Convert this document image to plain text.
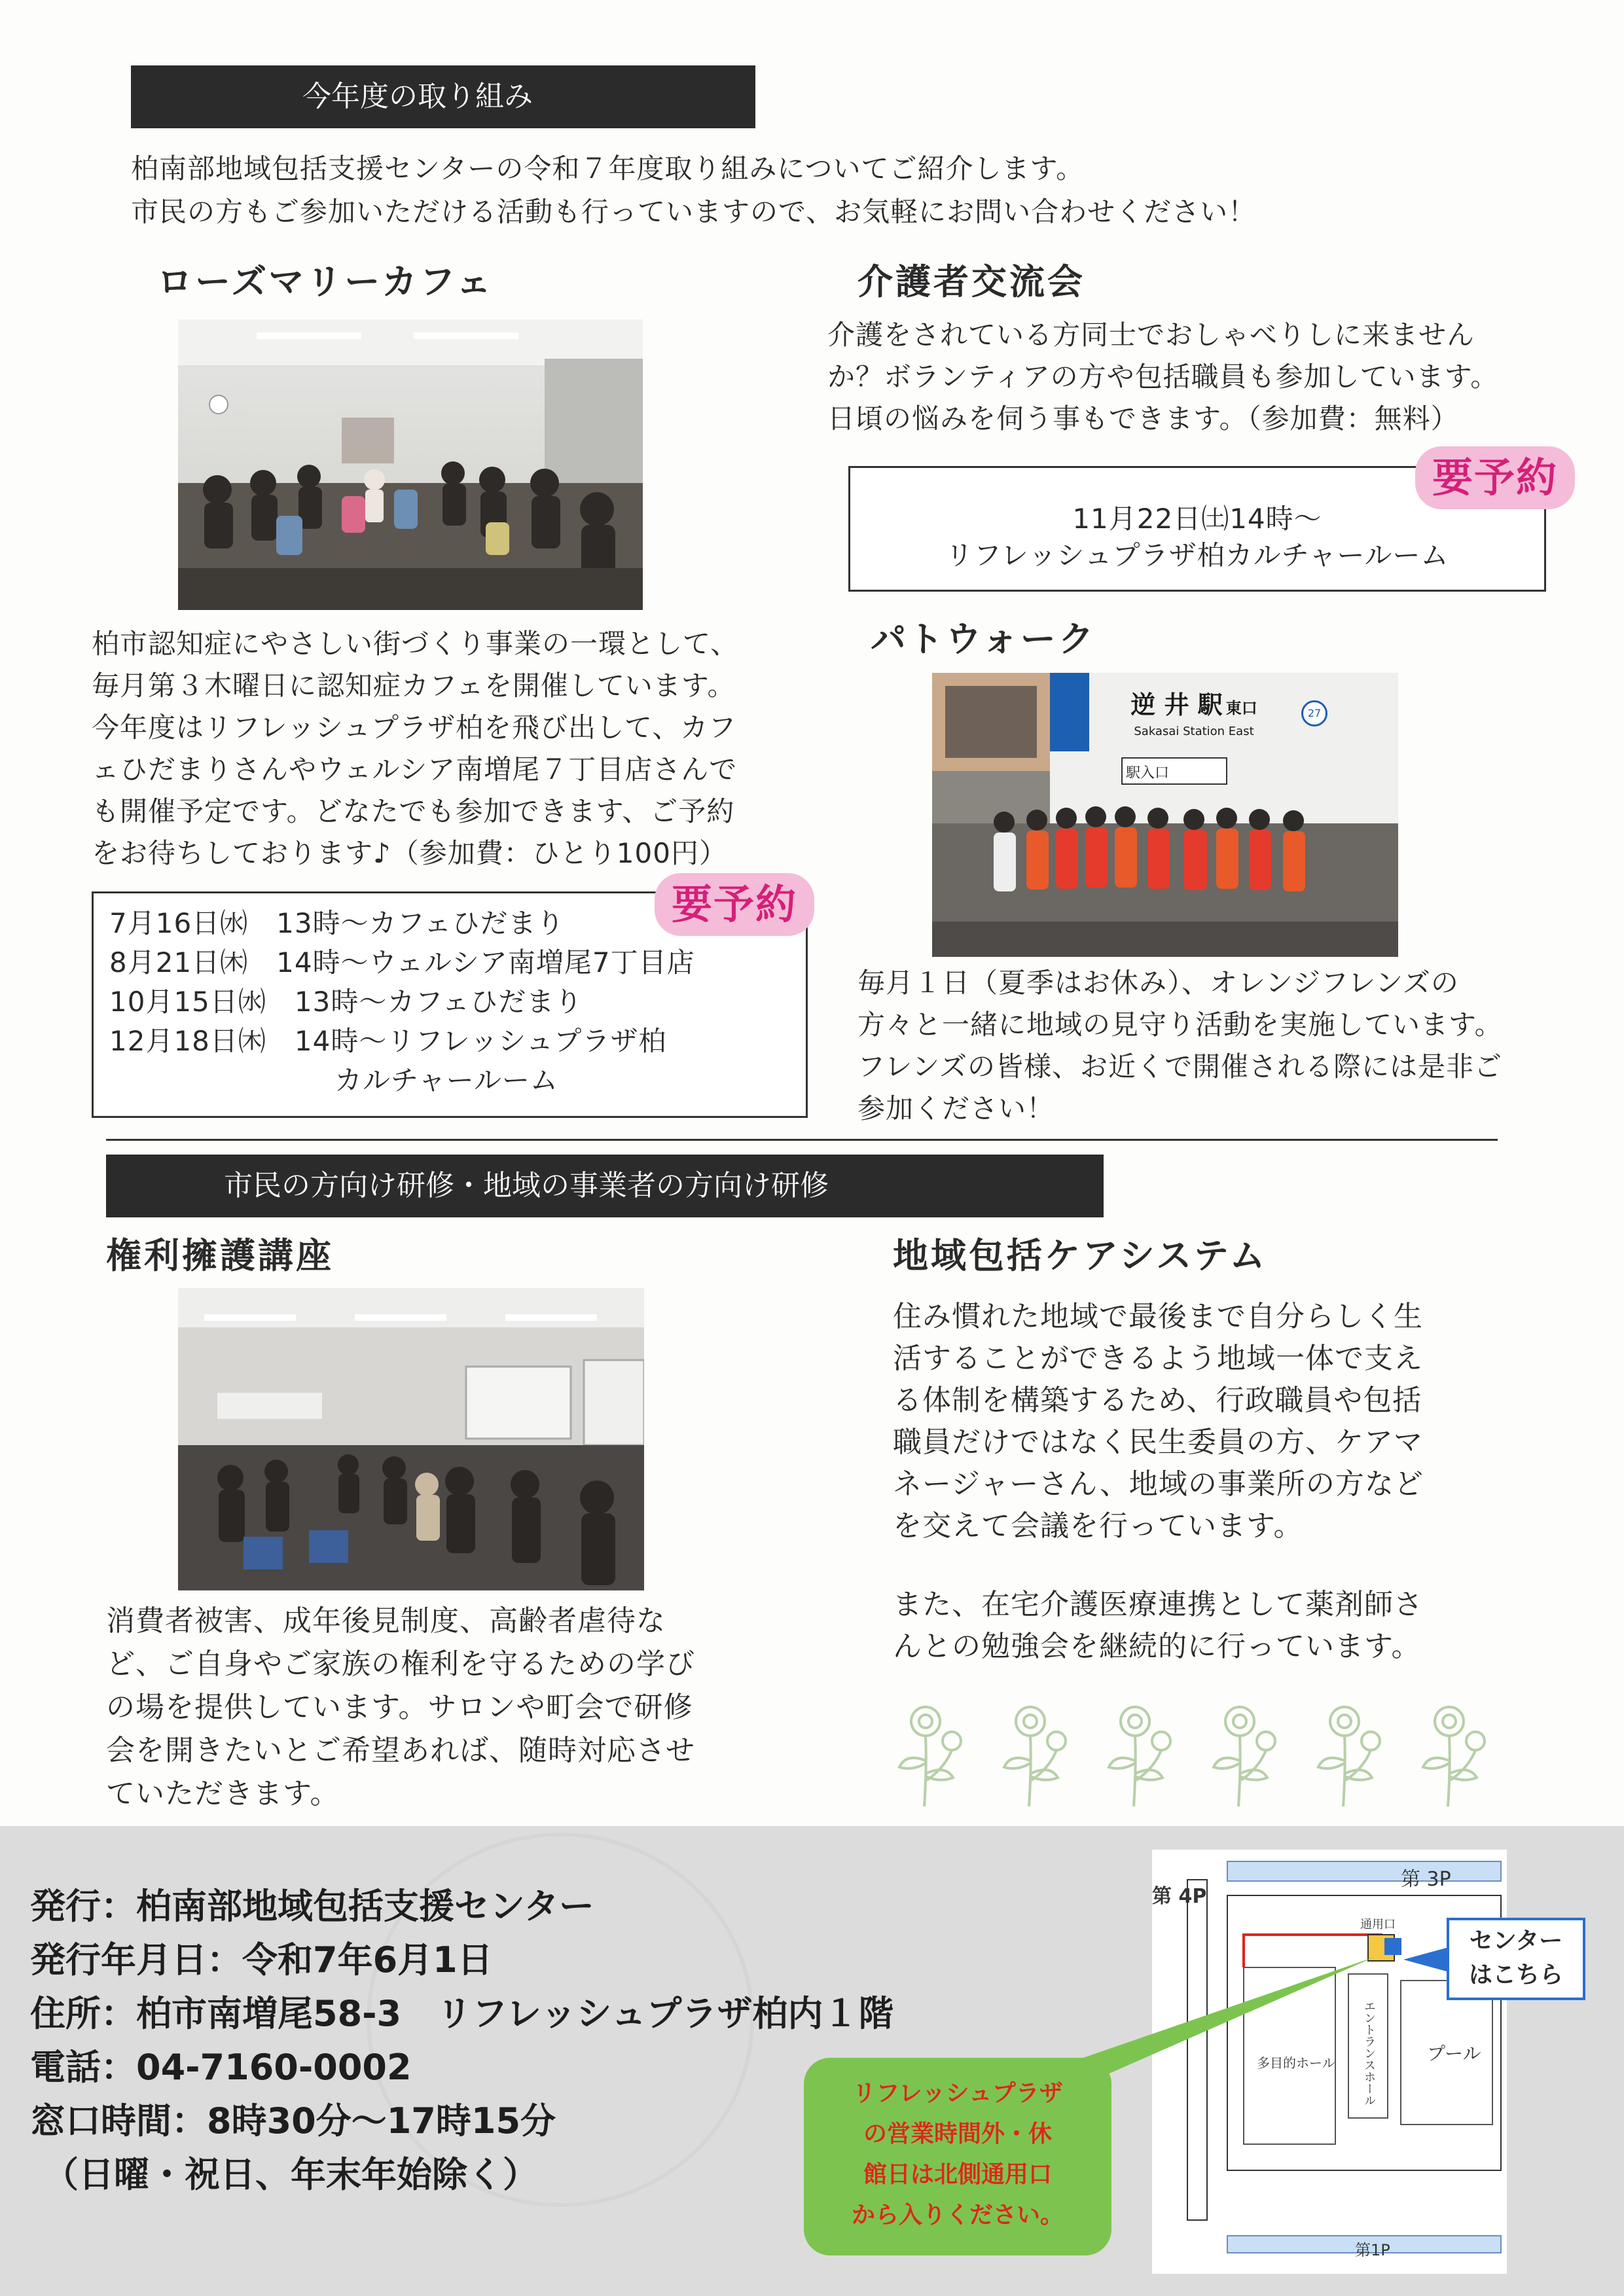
今年度の取り組み
柏南部地域包括支援センターの令和７年度取り組みについてご紹介します。
市民の方もご参加いただける活動も行っていますので、お気軽にお問い合わせください！
ローズマリーカフェ
柏市認知症にやさしい街づくり事業の一環として、
毎月第３木曜日に認知症カフェを開催しています。
今年度はリフレッシュプラザ柏を飛び出して、カフ
ェひだまりさんやウェルシア南増尾７丁目店さんで
も開催予定です。どなたでも参加できます、ご予約
をお待ちしております♪（参加費：ひとり100円）
7月16日㈬　13時～カフェひだまり
8月21日㈭　14時～ウェルシア南増尾7丁目店
10月15日㈬　13時～カフェひだまり
12月18日㈭　14時～リフレッシュプラザ柏
　　　　　　　　カルチャールーム
要予約
介護者交流会
介護をされている方同士でおしゃべりしに来ません
か？ボランティアの方や包括職員も参加しています。
日頃の悩みを伺う事もできます。（参加費：無料）
11月22日㈯14時～
リフレッシュプラザ柏カルチャールーム
要予約
パトウォーク
逆 井 駅 東口
Sakasai Station East
27
駅入口
毎月１日（夏季はお休み）、オレンジフレンズの
方々と一緒に地域の見守り活動を実施しています。
フレンズの皆様、お近くで開催される際には是非ご
参加ください！
市民の方向け研修・地域の事業者の方向け研修
権利擁護講座
消費者被害、成年後見制度、高齢者虐待な
ど、ご自身やご家族の権利を守るための学び
の場を提供しています。サロンや町会で研修
会を開きたいとご希望あれば、随時対応させ
ていただきます。
地域包括ケアシステム
住み慣れた地域で最後まで自分らしく生
活することができるよう地域一体で支え
る体制を構築するため、行政職員や包括
職員だけではなく民生委員の方、ケアマ
ネージャーさん、地域の事業所の方など
を交えて会議を行っています。
また、在宅介護医療連携として薬剤師さ
んとの勉強会を継続的に行っています。
発行：柏南部地域包括支援センター
発行年月日：令和7年6月1日
住所：柏市南増尾58-3　リフレッシュプラザ柏内１階
電話：04-7160-0002
窓口時間：8時30分～17時15分
（日曜・祝日、年末年始除く）
第 3P
第 4P
第1P
プール
多目的ホール
通用口
エントランスホール
センター
はこちら
リフレッシュプラザ
の営業時間外・休
館日は北側通用口
から入りください。
